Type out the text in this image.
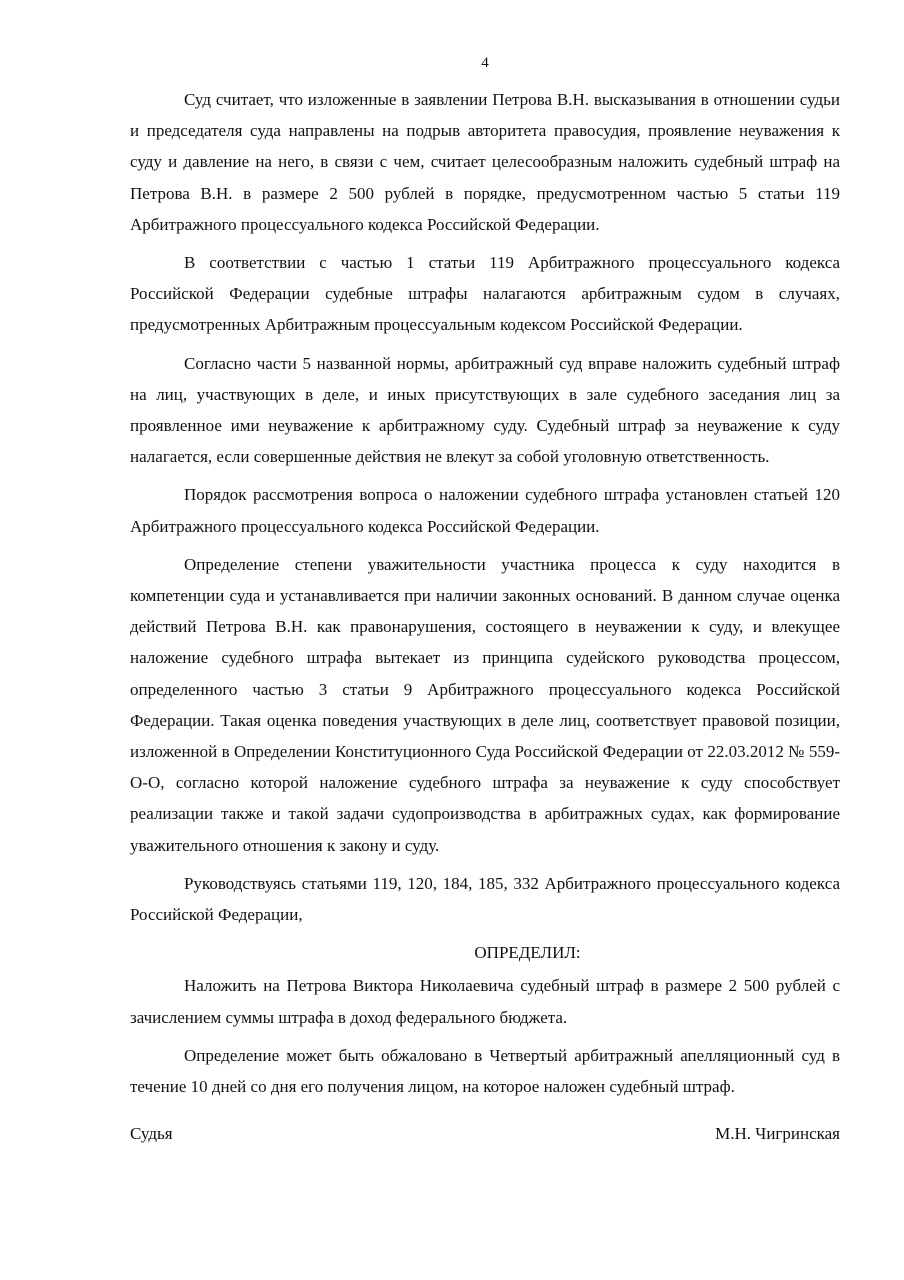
4

Суд считает, что изложенные в заявлении Петрова В.Н. высказывания в отношении судьи и председателя суда направлены на подрыв авторитета правосудия, проявление неуважения к суду и давление на него, в связи с чем, считает целесообразным наложить судебный штраф на Петрова В.Н. в размере 2 500 рублей в порядке, предусмотренном частью 5 статьи 119 Арбитражного процессуального кодекса Российской Федерации.

В соответствии с частью 1 статьи 119 Арбитражного процессуального кодекса Российской Федерации судебные штрафы налагаются арбитражным судом в случаях, предусмотренных Арбитражным процессуальным кодексом Российской Федерации.

Согласно части 5 названной нормы, арбитражный суд вправе наложить судебный штраф на лиц, участвующих в деле, и иных присутствующих в зале судебного заседания лиц за проявленное ими неуважение к арбитражному суду. Судебный штраф за неуважение к суду налагается, если совершенные действия не влекут за собой уголовную ответственность.

Порядок рассмотрения вопроса о наложении судебного штрафа установлен статьей 120 Арбитражного процессуального кодекса Российской Федерации.

Определение степени уважительности участника процесса к суду находится в компетенции суда и устанавливается при наличии законных оснований. В данном случае оценка действий Петрова В.Н. как правонарушения, состоящего в неуважении к суду, и влекущее наложение судебного штрафа вытекает из принципа судейского руководства процессом, определенного частью 3 статьи 9 Арбитражного процессуального кодекса Российской Федерации. Такая оценка поведения участвующих в деле лиц, соответствует правовой позиции, изложенной в Определении Конституционного Суда Российской Федерации от 22.03.2012 № 559-О-О, согласно которой наложение судебного штрафа за неуважение к суду способствует реализации также и такой задачи судопроизводства в арбитражных судах, как формирование уважительного отношения к закону и суду.

Руководствуясь статьями 119, 120, 184, 185, 332 Арбитражного процессуального кодекса Российской Федерации,

ОПРЕДЕЛИЛ:

Наложить на Петрова Виктора Николаевича судебный штраф в размере 2 500 рублей с зачислением суммы штрафа в доход федерального бюджета.

Определение может быть обжаловано в Четвертый арбитражный апелляционный суд в течение 10 дней со дня его получения лицом, на которое наложен судебный штраф.

Судья	М.Н. Чигринская
